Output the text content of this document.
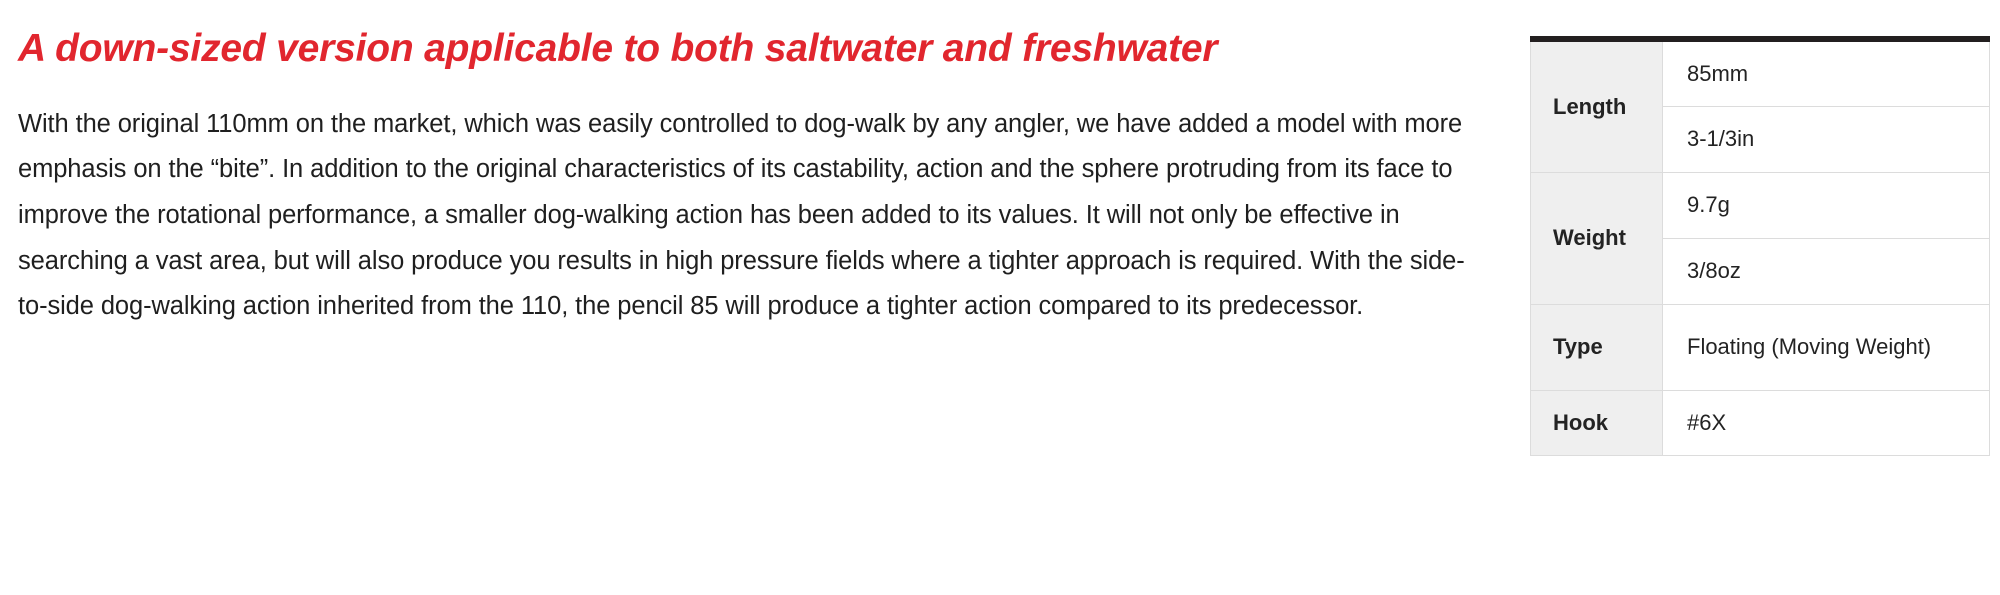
A down-sized version applicable to both saltwater and freshwater

With the original 110mm on the market, which was easily controlled to dog-walk by any angler, we have added a model with more emphasis on the “bite”. In addition to the original characteristics of its castability, action and the sphere protruding from its face to improve the rotational performance, a smaller dog-walking action has been added to its values. It will not only be effective in searching a vast area, but will also produce you results in high pressure fields where a tighter approach is required. With the side-to-side dog-walking action inherited from the 110, the pencil 85 will produce a tighter action compared to its predecessor.

Length	85mm
	3-1/3in
Weight	9.7g
	3/8oz
Type	Floating (Moving Weight)
Hook	#6X
